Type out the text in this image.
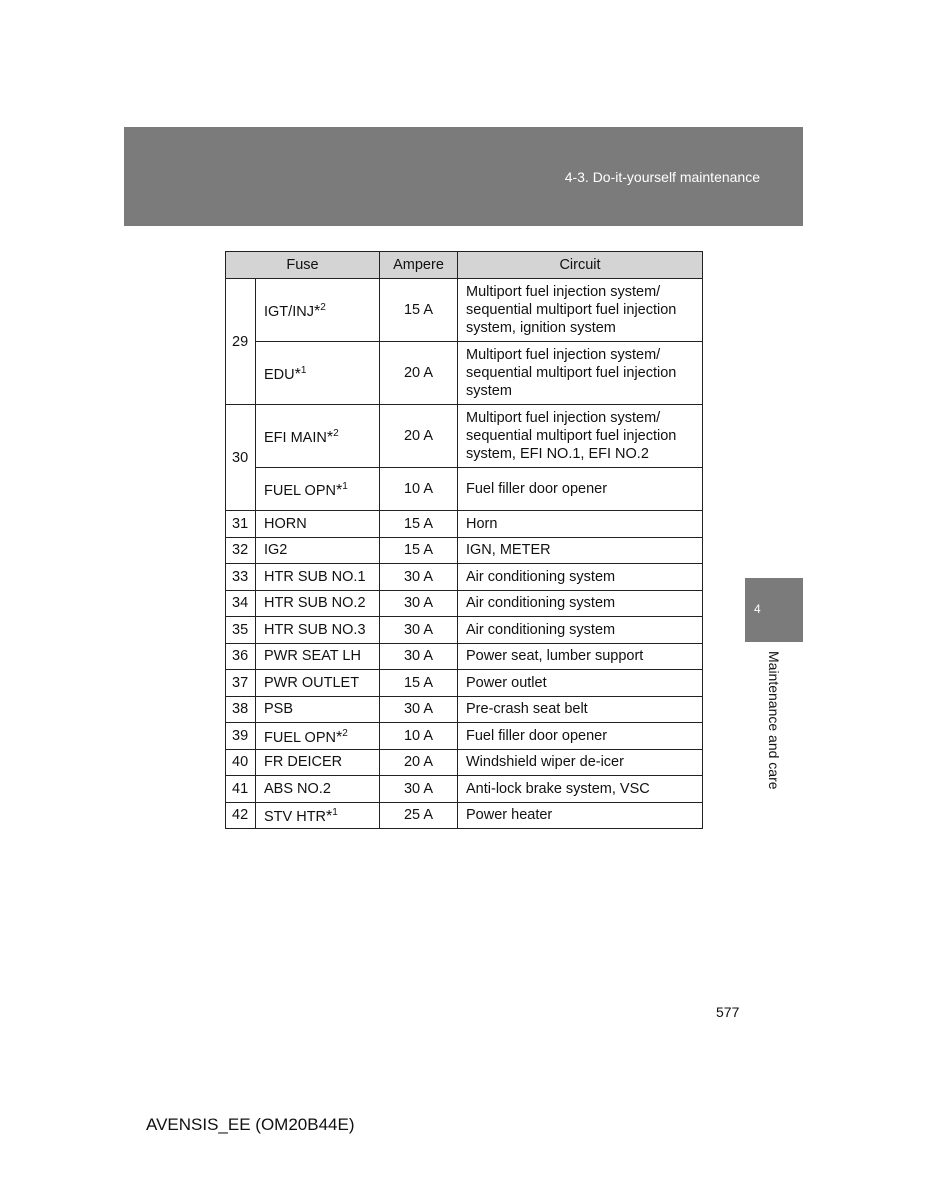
4-3. Do-it-yourself maintenance
Fuse		Ampere	Circuit
29	IGT/INJ*$^2$	15 A	Multiport fuel injection system/
sequential multiport fuel injection
system, ignition system

	EDU*$^1$	20 A	Multiport fuel injection system/
sequential multiport fuel injection
system

30	EFI MAIN*$^2$	20 A	Multiport fuel injection system/
sequential multiport fuel injection
system, EFI NO.1, EFI NO.2

	FUEL OPN*$^1$	10 A	Fuel filler door opener

31	HORN	15 A	Horn
32	IG2	15 A	IGN, METER
33	HTR SUB NO.1	30 A	Air conditioning system
34	HTR SUB NO.2	30 A	Air conditioning system
35	HTR SUB NO.3	30 A	Air conditioning system
36	PWR SEAT LH	30 A	Power seat, lumber support
37	PWR OUTLET	15 A	Power outlet
38	PSB	30 A	Pre-crash seat belt
39	FUEL OPN*$^2$	10 A	Fuel filler door opener
40	FR DEICER	20 A	Windshield wiper de-icer
41	ABS NO.2	30 A	Anti-lock brake system, VSC
42	STV HTR*$^1$	25 A	Power heater
4
Maintenance and care
577
AVENSIS_EE (OM20B44E)
